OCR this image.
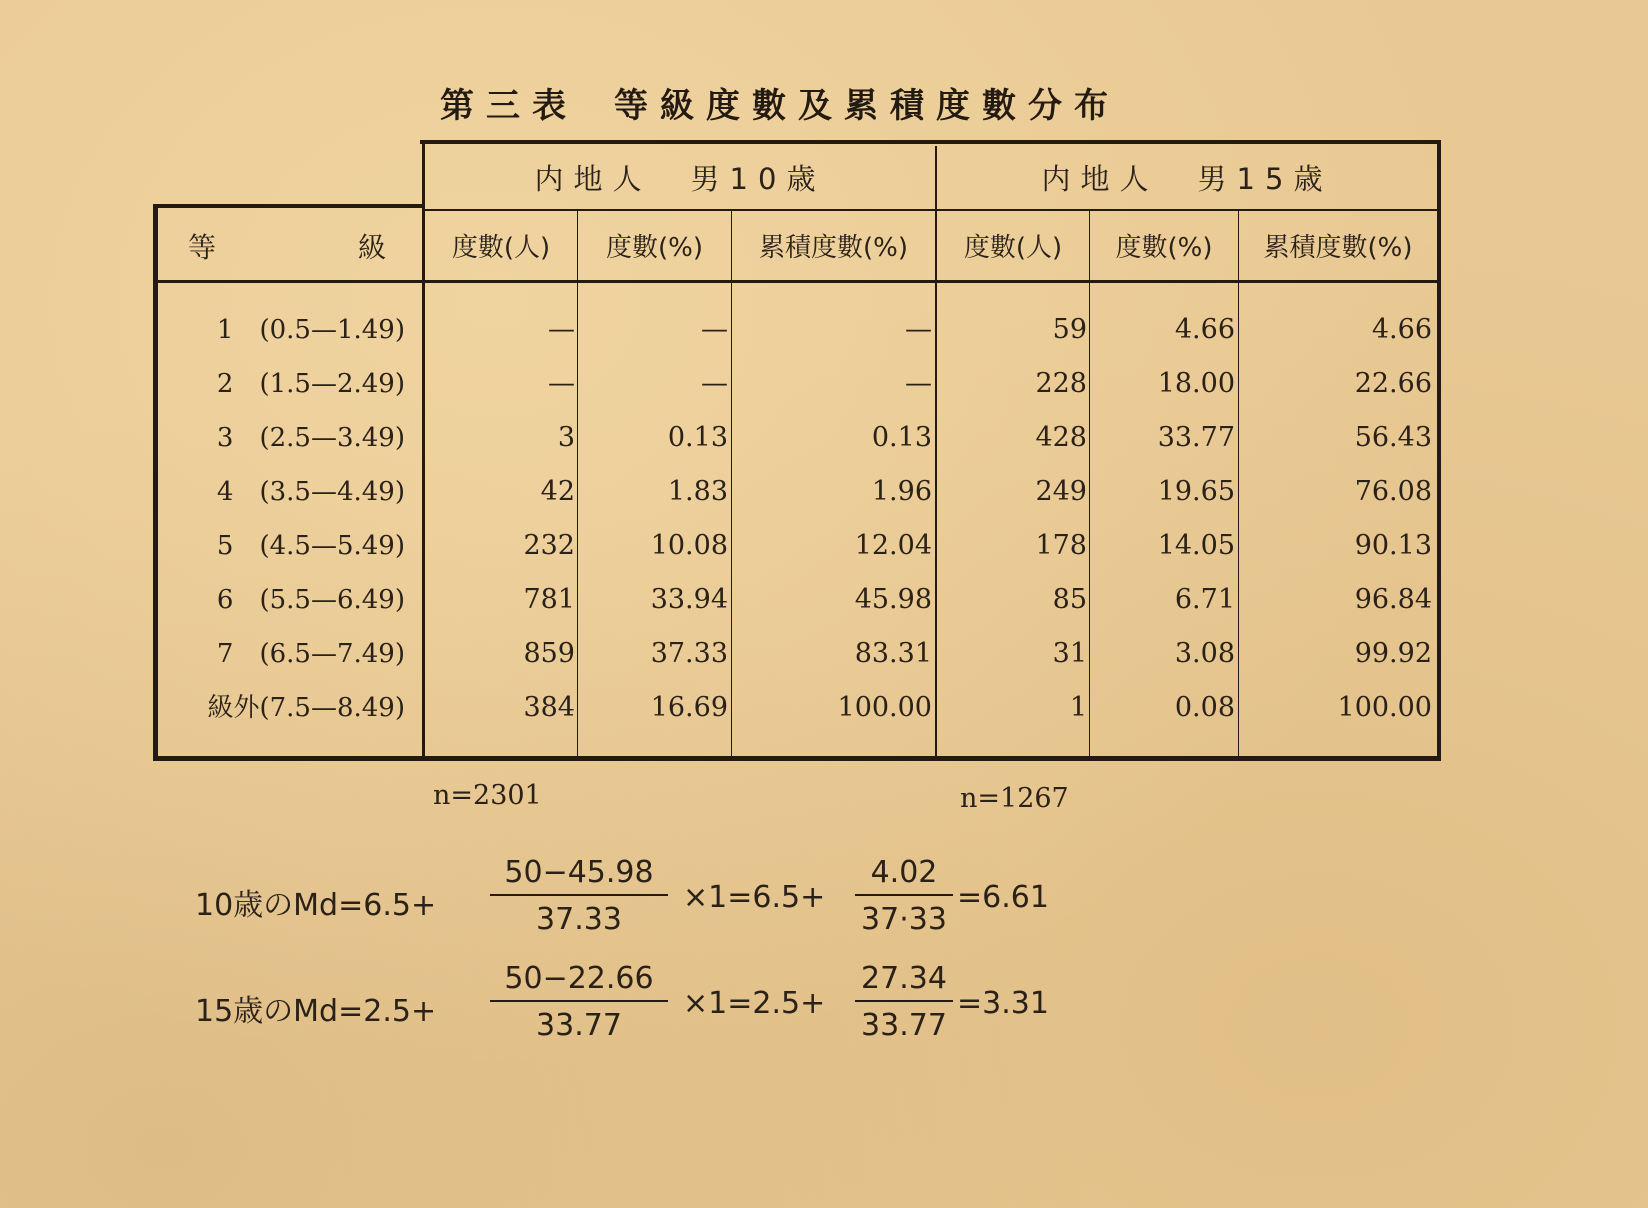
第三表 等級度數及累積度數分布
内地人　男10歳	内地人　男15歳
等	級	度數(人)	度數(%)	累積度數(%)	度數(人)	度數(%)	累積度數(%)
1　(0.5—1.49)	—	—	—	59	4.66	4.66
2　(1.5—2.49)	—	—	—	228	18.00	22.66
3　(2.5—3.49)	3	0.13	0.13	428	33.77	56.43
4　(3.5—4.49)	42	1.83	1.96	249	19.65	76.08
5　(4.5—5.49)	232	10.08	12.04	178	14.05	90.13
6　(5.5—6.49)	781	33.94	45.98	85	6.71	96.84
7　(6.5—7.49)	859	37.33	83.31	31	3.08	99.92
級外(7.5—8.49)	384	16.69	100.00	1	0.08	100.00
n=2301	n=1267
10歳のMd=6.5+
50−45.98
37.33
×1=6.5+
4.02
37·33
=6.61
15歳のMd=2.5+
50−22.66
33.77
×1=2.5+
27.34
33.77
=3.31
